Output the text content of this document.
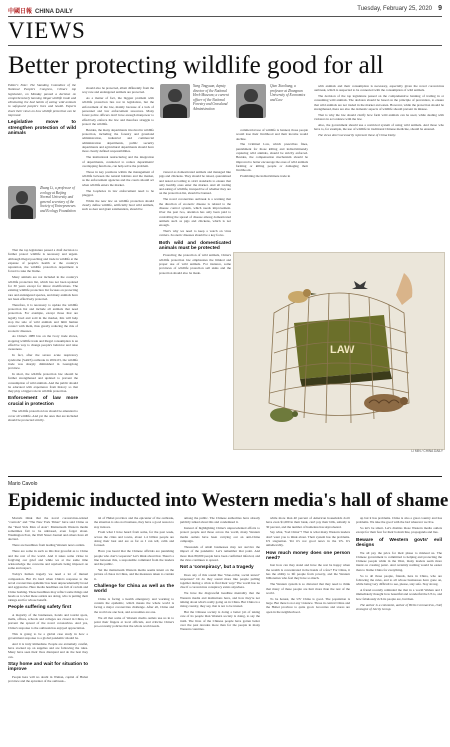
中國日報 CHINA DAILY	Tuesday, February 25, 2020 9
VIEWS
Better protecting wildlife good for all

Editor's Note: The Standing Committee of the National People's Congress, China's top legislature, on Monday passed a decision on comprehensively banning illegal wildlife trade and eliminating the bad habits of eating wild animals to safeguard people's lives and health. Experts share their views on how wildlife protection can be improved.

Legislative move to strengthen protection of wild animals
Zhang Li, a professor of ecology at Beijing Normal University and general secretary of the Society of Entrepreneurs and Ecology Foundation

That the top legislature passed a draft decision to further protect wildlife is necessary and urgent. Although illegal poaching and trade in wildlife at the expense of people's health or the country's reputation, the wildlife protection department is forced to take the blame.

Many animals are not included in the country's wildlife protection list, which has not been updated for 30 years except for minor modifications. The existing wildlife protection list focuses on protecting rare and endangered species, and many animals have not been effectively protected.

Therefore, it is necessary to update the wildlife protection list and include all animals that need protection. For example, except those that are legally bred and sold in the market, this will help stop the sale of wild animals and limit human contact with them, thus greatly reducing the risk of zoonotic diseases.

As China's 1988 law on the ivory trade shows, stopping wildlife trade and illegal consumption is an effective way to change people's behavior and raise awareness.

In fact, after the severe acute respiratory syndrome (SARS) outbreak in 2002-03, the wildlife trade was sharply diminished in Guangdong province.

In short, the wildlife protection law should be further strengthened and updated to prevent the consumption of wild animals. And the public should be educated with experience from history so that they play a bigger role in wildlife protection.

Enforcement of law more crucial in protection

The wildlife protection law should be amended to cover all wildlife. And yet the ones that are included should be protected strictly.

should also be protected, albeit differently from the way rare and endangered animals are protected.

As a matter of fact, the biggest problem with wildlife protection lies not in legislation, but the enforcement of the law, mainly because of a lack of personnel and law enforcement resources. Many forest police officers don't have enough manpower to effectively enforce the law and therefore struggle to protect the wildlife.

Besides, the many departments involved in wildlife protection, including the forestry and grassland administration, industrial and commercial administration departments, public security departments and agricultural departments should have more clearly defined responsibilities.

The institutional restructuring and the integration of departments, conducted to reduce departments' overlapping functions, can help solve the problem.

Those in key positions within the management of wildlife between the natural habitats and the market, as the enforcement agencies and the courts should act when wildlife enters the market.

The loopholes in law enforcement need to be plugged.

While the new law on wildlife protection should clearly define wildlife, artificially bred wild animals, such as deer and giant salamanders, should be

Yang Tingyuan, deputy director of the National Herb Museum; a current officer of the National Forestry and Grassland Administration

viewed as domesticated animals and managed like pigs and chickens. They should be raised, quarantined and tested according to strict standards to ensure that only healthy ones enter the market. And all trading and eating of wildlife, irrespective of whether they are on the protection list, should be banned.

The novel coronavirus outbreak is a warning that the direction of zoonotic disease is related to the disease control system, which needs improvement. Over the past two, attention has only been paid to controlling the spread of disease among domesticated animals such as pigs and chickens, which is not enough.

That's why we need to keep a watch on virus carriers. Zoonotic diseases should be a key focus.

Both wild and domesticated animals must be protected

Protecting the protection of wild animals, China's wildlife protection law emphasizes the limited and proper use of wild animals. For instance, some provinces of wildlife protection sell skins and the protection should also be made.

Qiao Xiaoliang, a professor at Zhongnan University of Economics and Law

commercial use of wildlife is banned, those people would lose their livelihood and their income would decline.

The Criminal Law, which prescribes fines, punishment for those killing and indiscriminately capturing wild animals, should be strictly enforced. Besides, the compensation mechanism should be improved to better encourage the ones of wild animals farming or killing people or damaging their livelihoods.

Prohibiting the indiscriminate trade in

with animals and their consumption is necessary, especially given the novel coronavirus outbreak, which is suspected to be connected with the consumption of wild animals.

The decision of the top legislature passed on the comprehensive banning of trading in or consuming wild animals. The decision should be based on the principle of prevention, to ensure that wild animals are not traded in the market and eaten. However, while the protection should be strengthened, there are also the domestic aspects of wildlife should prevent its misuse.

That is why the law should clarify how farm wild animals can be used, while dealing with violators in accordance with the law.

Also, the government should use a restricted system of using wild animals. And those who have to, for example, the use of wildlife in traditional Chinese medicine, should be ensured.

The views don't necessarily represent those of China Daily.

LAW
LI MIN / CHINA DAILY
Mario Cavolo
Epidemic inducted into Western media's hall of shame

Mortals think that the novel coronavirus-related "controls" and "The New York Times" have said China as the "Real Sick Man of Asia". Mainstream Western media sometimes fail to be unbiased, even forget about. Washington Post, the Wall Street Journal and others have all decried.

There are headlines from leading Western news outlets.

There are some in such as this that graceful as to China and the rest of the world. And it takes some virtue in forgiving our grief and while we at the same time acknowledge the concerns and reprisals being imposed on some and respect.

Today's human tragedy we need a lot of mutual compassion. But it's hard when China's response to the novel coronavirus epidemic has been unprecedentedly broad and aggressive. Here media headlines are full of racism and China bashing. These headlines may reflect some things and heads as to what these outlets are doing, who is putting their ratings and for whose benefit.

People suffering safety first

A majority of the businesses, hotels and tourist spots, malls, offices, schools and colleges are closed in China, to prevent the spread of the novel coronavirus. And yes, China's response to the outbreak has enjoyed appreciation.

This is going to be a global case study in how a government response to a global pandemic should be.

And it is truly immediate. People are extremely careful, have stocked up on supplies and are following the rules. Many have seen their lives disrupted and do the best they can.

Stay home and wait for situation to improve

People here will no doubt in Wuhan, capital of Hubei province and the epicenter of the outbreak...

tal of Hubei province and the epicenter of the outbreak, the situation is also not business, they have a good reason to stay indoors.

From what I have heard from some, for the past week, across the cities and towns, about 1.4 billion people are doing their best and are as far as I can tell, calm and focused.

Have you heard that the Chinese officials are punishing people who don't cooperate? Let's think about that. There's a line between this, a responsible command from the leaders and the public.

Yet the mainstream Western media seems intent on the picture of chaos in China, and the measures taken to contain it.

Challenge for China as well as the world

China is facing a health emergency and working to contain the epidemic, which means the whole world is facing a major coronavirus challenge. After all, China and the world are one boat, and economies are one.

We all that some of Western media outlets use us in to point their fingers at local officials, and criticize China's pro-economy policies that the whole world needs.

among the public. The Chinese authorities have already publicly talked about this and condemned it.

Instead of highlighting China's unprecedented efforts to protect people and those across the world, many Western media outlets have been carrying out an anti-China campaign.

Thousands of small businesses may not survive the impact of the pandemic. Let's remember that point. And more than 80,000 people have been confirmed infected, and the virus continues to spread.

Not a 'conspiracy', but a tragedy

Does any of this sound like "blue-collar, social unrest" responses? Or do they sound more like people pulling together during a crisis to find their way? The world has no clue if a coronavirus conspiracy exists anywhere.

We have the disgraceful headline mentality that the Western media and institutions have, and how they're not talking about what's really going on in China. But China is a rising country, they say, that is not to be trusted.

But the Chinese society is doing a better job of taking care of its people than Western society is doing, to say the truth. The lives of the Chinese people have gotten better over the past decades more than for the people in many Western countries.

while more than 40 percent of American households don't have even $1,000 in their bank, can't pay their bills, subsidy is 30 percent, and the number of homeless has skyrocketed.

Say what, "bad China"? That is what many Western leaders don't want you to think about. Their system has the problems. US stagnation. Yet it's not good news in the US. It's unbelievably.

How much money does one person need?

Just how can they stand and have the rest be happy when the wealth is concentrated in the hands of a few? For China, it has the ability to lift people from poverty, and the Western billionaires who feel they have so much.

The Western system is so distorted that they need to think that many of these people are hurt more than the rest of the world.

To be honest, the US' China is good. The population is large. But there is not any violence. Those in central China and the Hubei province to quite good. Groceries and stores are open in the neighborhood.

up but it has problems. China is also a great country and has problems. We take the good with the bad wherever we live.

So let's be smart. Let's dismiss those Western media outlets except for their fear for their bottom line, propaganda and lies.

Beware of Western govts' evil designs

We all pay the price for their phase to mislead us. The Chinese government is committed to helping and protecting the Chinese people while in the West, many leaders seem more intent on creating panic. And certainly nothing would be easier than to blame China for everything.

So to all those people, friends, here in China, who are following the rules, and to all whose businesses have gone on, while being very difficult to see, please, stay safe. Stay strong.

A friend recently reminded me that in a world Wuhan and I immediately thought how beautiful and wonderful the US is, and how fabulously rich its people are, but then.

The author is a columnist, author of Hello Coronavirus, chief strategist of Jetcity Group.
